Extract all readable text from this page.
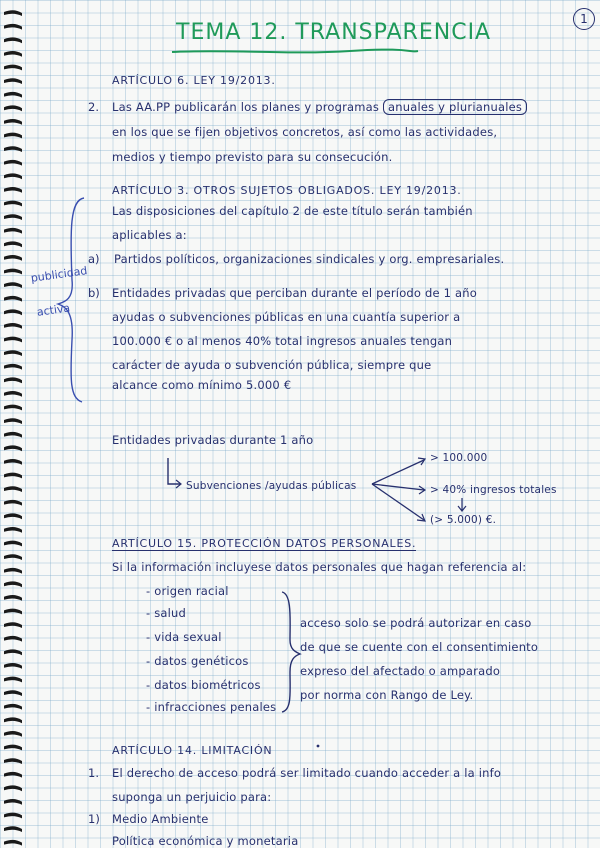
TEMA 12. TRANSPARENCIA
1
ARTÍCULO 6. LEY 19/2013.
2. Las AA.PP publicarán los planes y programas anuales y plurianuales
en los que se fijen objetivos concretos, así como las actividades,
medios y tiempo previsto para su consecución.
ARTÍCULO 3. OTROS SUJETOS OBLIGADOS. LEY 19/2013.
Las disposiciones del capítulo 2 de este título serán también
aplicables a:
a) Partidos políticos, organizaciones sindicales y org. empresariales.
b) Entidades privadas que perciban durante el período de 1 año
ayudas o subvenciones públicas en una cuantía superior a
100.000 € o al menos 40% total ingresos anuales tengan
carácter de ayuda o subvención pública, siempre que
alcance como mínimo 5.000 €
publicidad
activa
Entidades privadas durante 1 año
Subvenciones /ayudas públicas
> 100.000
> 40% ingresos totales
(> 5.000) €.
ARTÍCULO 15. PROTECCIÓN DATOS PERSONALES.
Si la información incluyese datos personales que hagan referencia al:
- origen racial
- salud
- vida sexual
- datos genéticos
- datos biométricos
- infracciones penales
acceso solo se podrá autorizar en caso
de que se cuente con el consentimiento
expreso del afectado o amparado
por norma con Rango de Ley.
ARTÍCULO 14. LIMITACIÓN
1. El derecho de acceso podrá ser limitado cuando acceder a la info
suponga un perjuicio para:
1) Medio Ambiente
Política económica y monetaria
